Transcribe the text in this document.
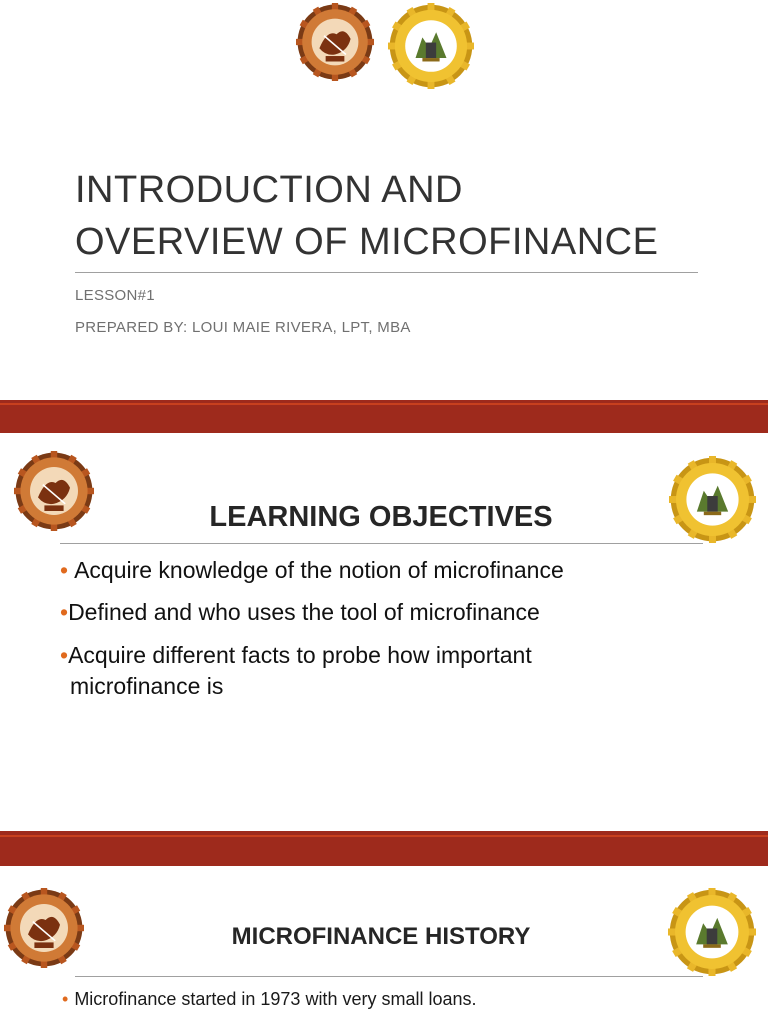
INTRODUCTION AND
OVERVIEW OF MICROFINANCE
LESSON#1
PREPARED BY: LOUI MAIE RIVERA, LPT, MBA
LEARNING OBJECTIVES
• Acquire knowledge of the notion of microfinance
•Defined and who uses the tool of microfinance
•Acquire different facts to probe how important
microfinance is
MICROFINANCE HISTORY
• Microfinance started in 1973 with very small loans.
